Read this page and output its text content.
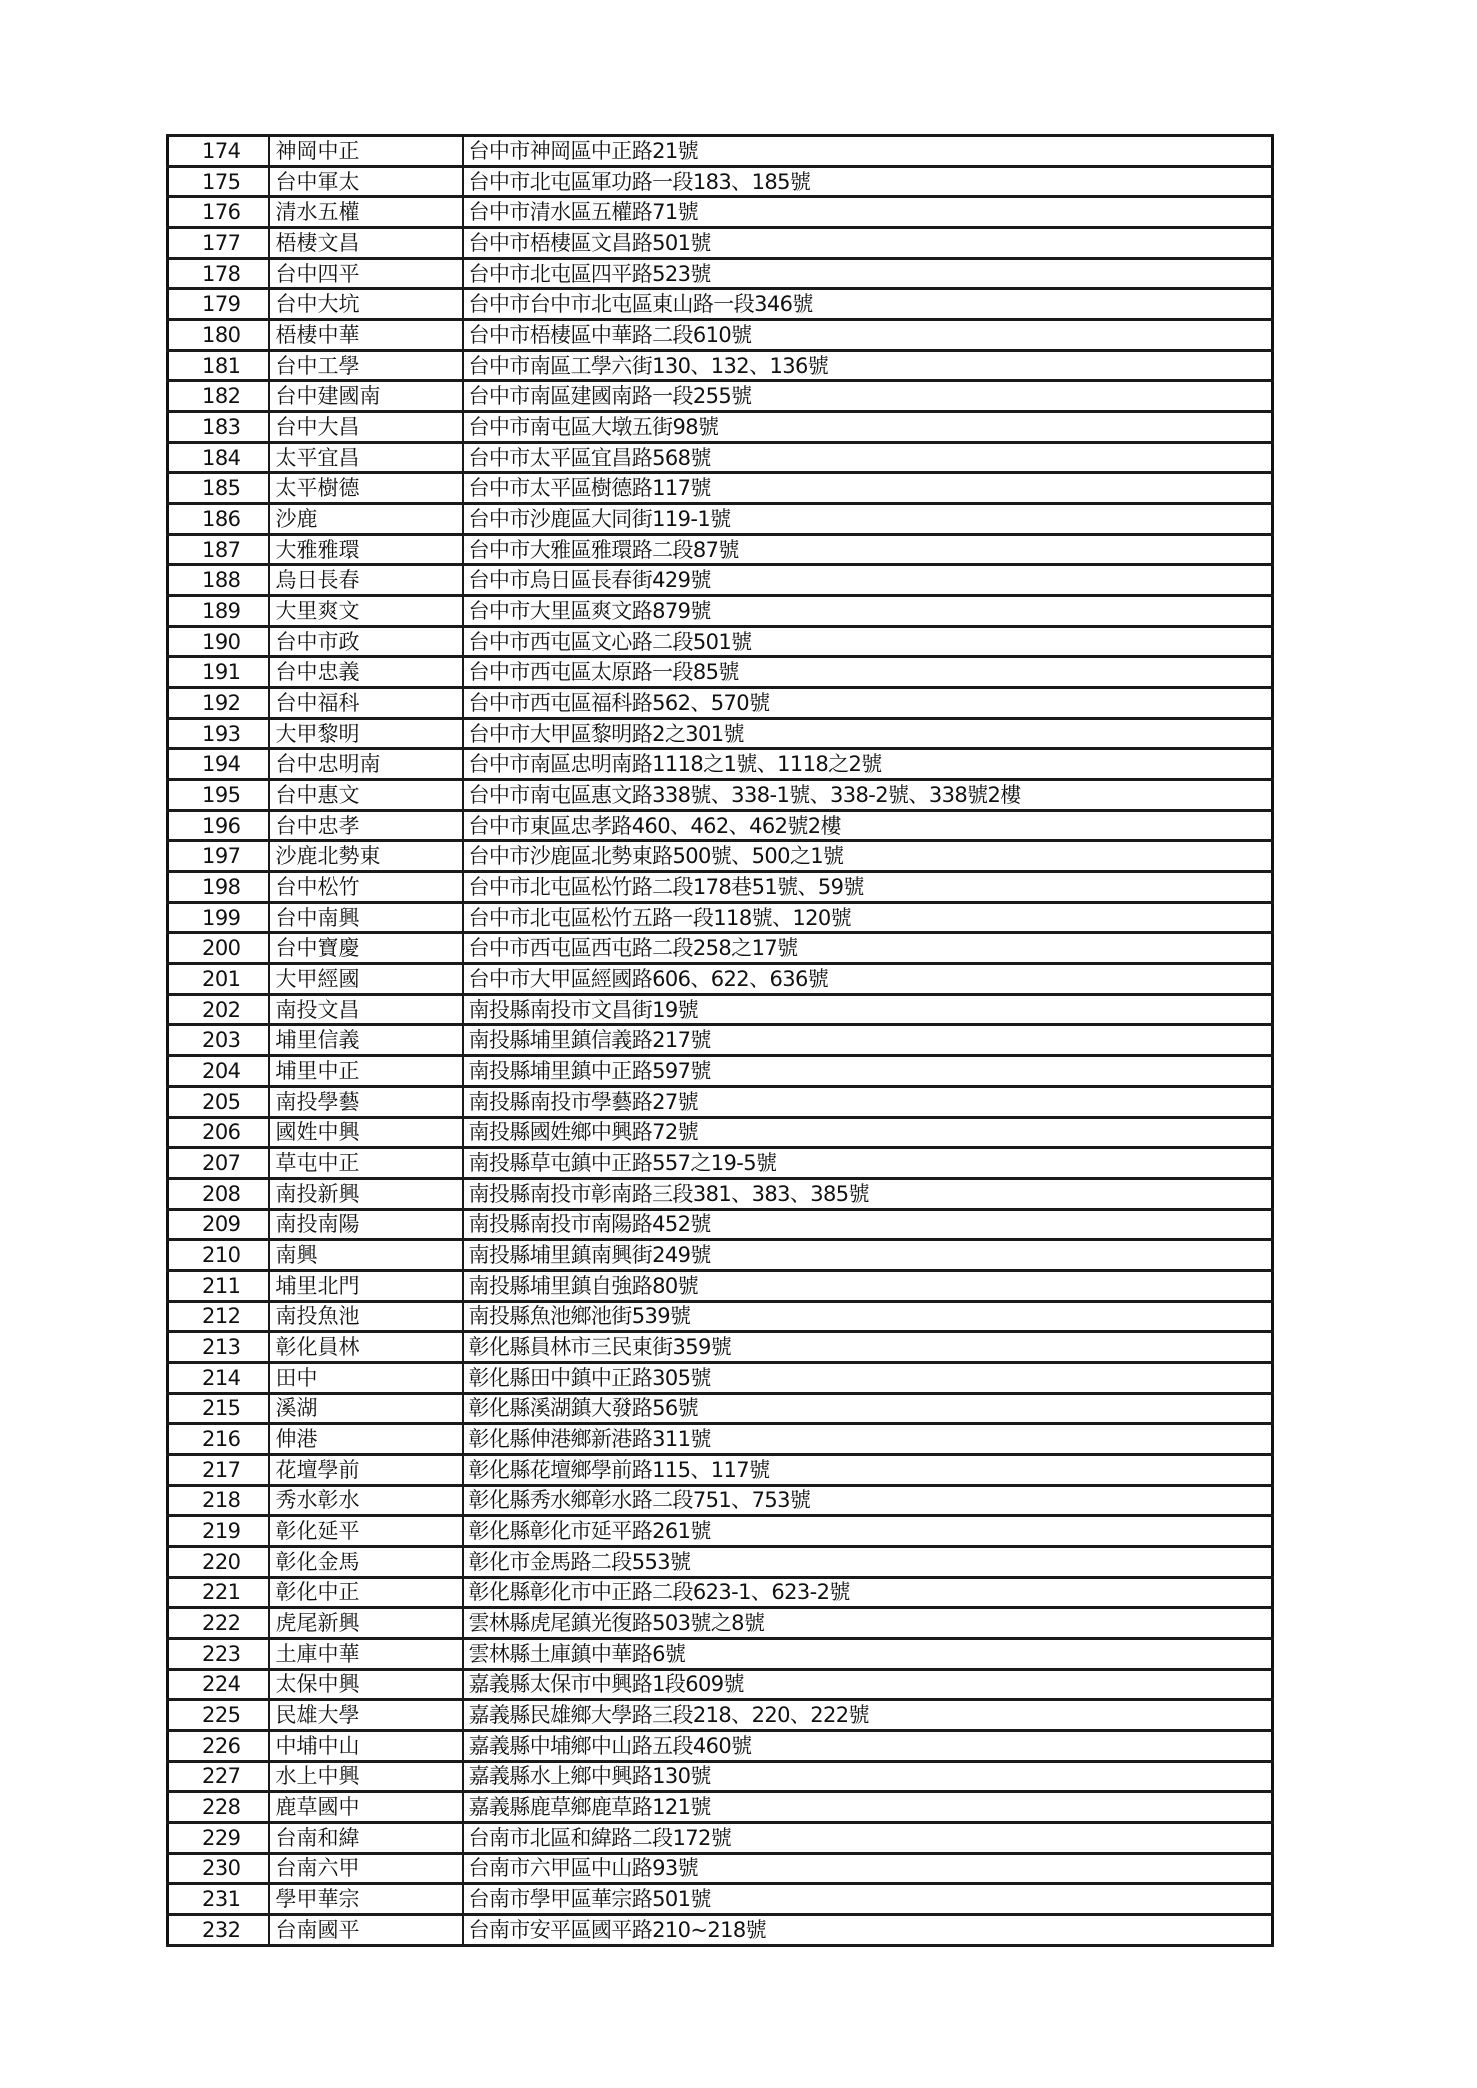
174	神岡中正	台中市神岡區中正路21號
175	台中軍太	台中市北屯區軍功路一段183、185號
176	清水五權	台中市清水區五權路71號
177	梧棲文昌	台中市梧棲區文昌路501號
178	台中四平	台中市北屯區四平路523號
179	台中大坑	台中市台中市北屯區東山路一段346號
180	梧棲中華	台中市梧棲區中華路二段610號
181	台中工學	台中市南區工學六街130、132、136號
182	台中建國南	台中市南區建國南路一段255號
183	台中大昌	台中市南屯區大墩五街98號
184	太平宜昌	台中市太平區宜昌路568號
185	太平樹德	台中市太平區樹德路117號
186	沙鹿	台中市沙鹿區大同街119-1號
187	大雅雅環	台中市大雅區雅環路二段87號
188	烏日長春	台中市烏日區長春街429號
189	大里爽文	台中市大里區爽文路879號
190	台中市政	台中市西屯區文心路二段501號
191	台中忠義	台中市西屯區太原路一段85號
192	台中福科	台中市西屯區福科路562、570號
193	大甲黎明	台中市大甲區黎明路2之301號
194	台中忠明南	台中市南區忠明南路1118之1號、1118之2號
195	台中惠文	台中市南屯區惠文路338號、338-1號、338-2號、338號2樓
196	台中忠孝	台中市東區忠孝路460、462、462號2樓
197	沙鹿北勢東	台中市沙鹿區北勢東路500號、500之1號
198	台中松竹	台中市北屯區松竹路二段178巷51號、59號
199	台中南興	台中市北屯區松竹五路一段118號、120號
200	台中寶慶	台中市西屯區西屯路二段258之17號
201	大甲經國	台中市大甲區經國路606、622、636號
202	南投文昌	南投縣南投市文昌街19號
203	埔里信義	南投縣埔里鎮信義路217號
204	埔里中正	南投縣埔里鎮中正路597號
205	南投學藝	南投縣南投市學藝路27號
206	國姓中興	南投縣國姓鄉中興路72號
207	草屯中正	南投縣草屯鎮中正路557之19-5號
208	南投新興	南投縣南投市彰南路三段381、383、385號
209	南投南陽	南投縣南投市南陽路452號
210	南興	南投縣埔里鎮南興街249號
211	埔里北門	南投縣埔里鎮自強路80號
212	南投魚池	南投縣魚池鄉池街539號
213	彰化員林	彰化縣員林市三民東街359號
214	田中	彰化縣田中鎮中正路305號
215	溪湖	彰化縣溪湖鎮大發路56號
216	伸港	彰化縣伸港鄉新港路311號
217	花壇學前	彰化縣花壇鄉學前路115、117號
218	秀水彰水	彰化縣秀水鄉彰水路二段751、753號
219	彰化延平	彰化縣彰化市延平路261號
220	彰化金馬	彰化市金馬路二段553號
221	彰化中正	彰化縣彰化市中正路二段623-1、623-2號
222	虎尾新興	雲林縣虎尾鎮光復路503號之8號
223	土庫中華	雲林縣土庫鎮中華路6號
224	太保中興	嘉義縣太保市中興路1段609號
225	民雄大學	嘉義縣民雄鄉大學路三段218、220、222號
226	中埔中山	嘉義縣中埔鄉中山路五段460號
227	水上中興	嘉義縣水上鄉中興路130號
228	鹿草國中	嘉義縣鹿草鄉鹿草路121號
229	台南和緯	台南市北區和緯路二段172號
230	台南六甲	台南市六甲區中山路93號
231	學甲華宗	台南市學甲區華宗路501號
232	台南國平	台南市安平區國平路210~218號
